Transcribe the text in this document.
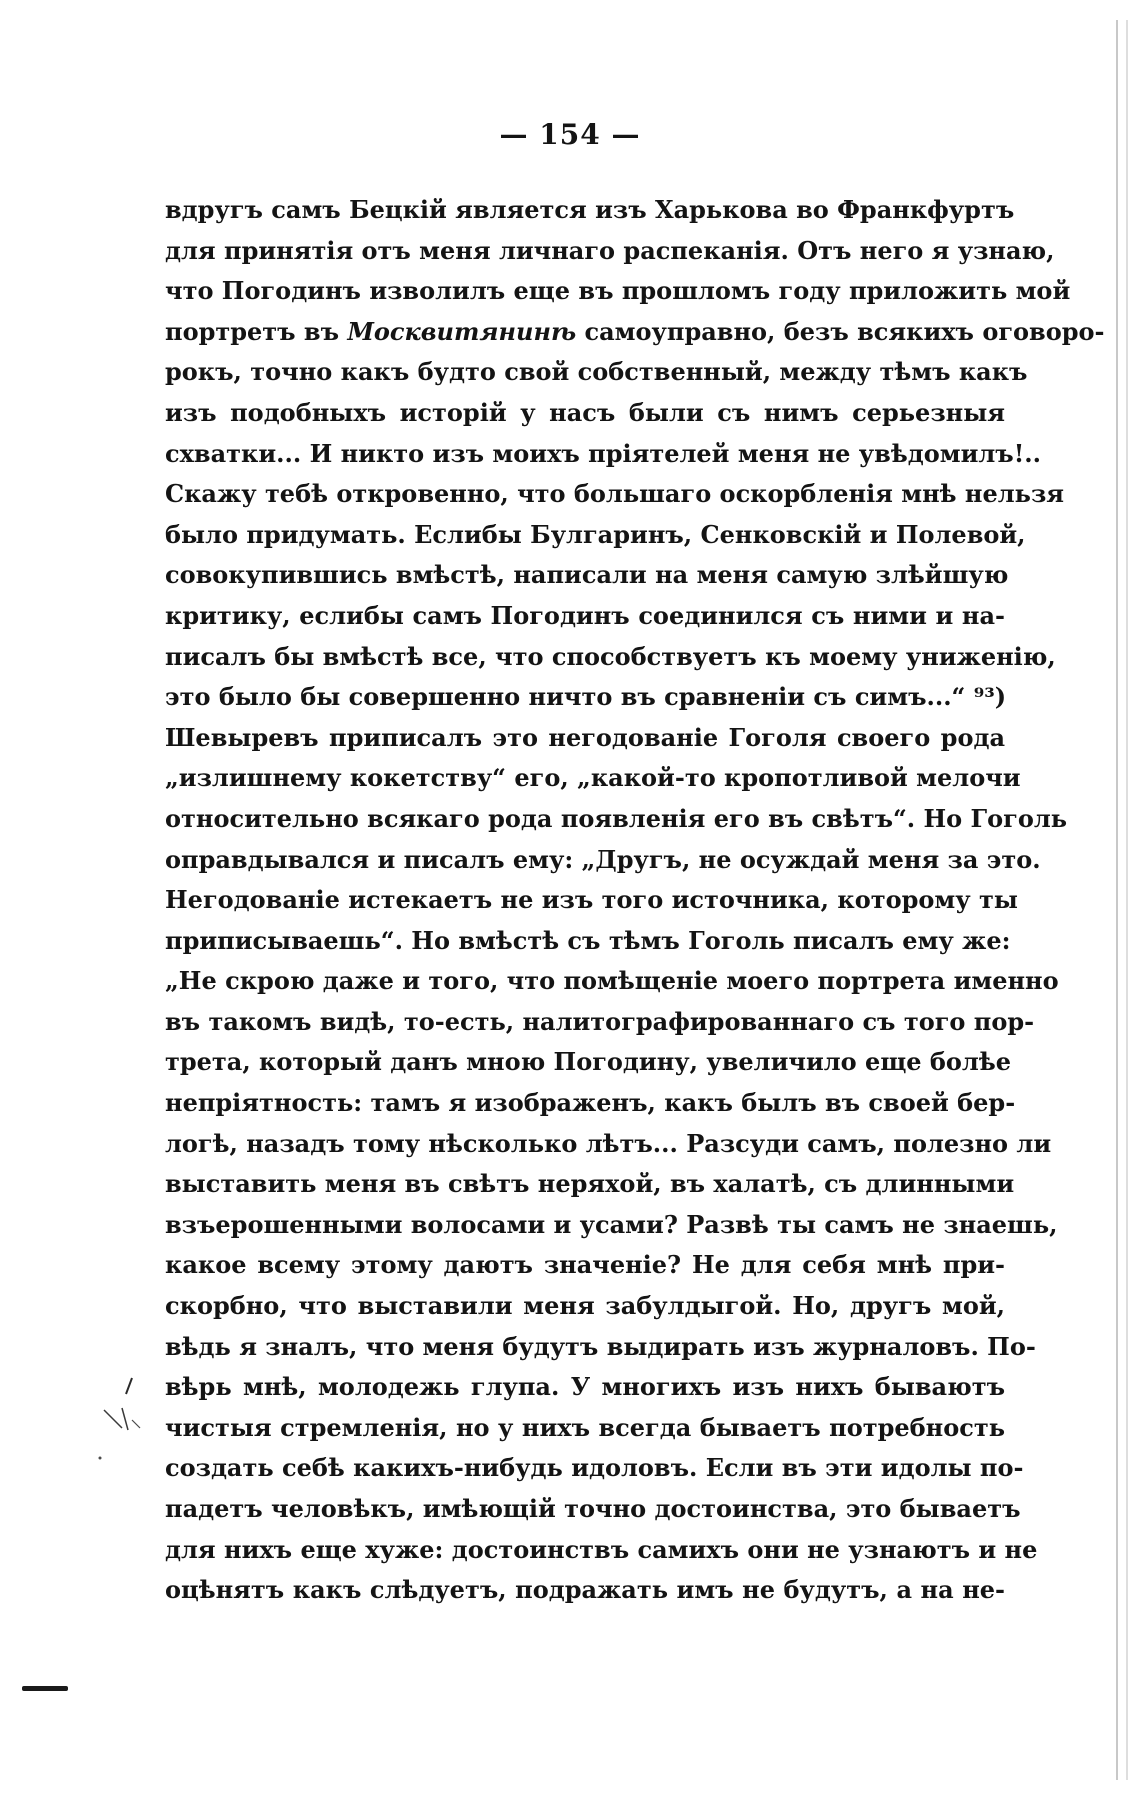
— 154 —
вдругъ самъ Бецкій является изъ Харькова во Франкфуртъ
для принятія отъ меня личнаго распеканія. Отъ него я узнаю,
что Погодинъ изволилъ еще въ прошломъ году приложить мой
портретъ въ Москвитянинѣ самоуправно, безъ всякихъ оговоро-
рокъ, точно какъ будто свой собственный, между тѣмъ какъ
изъ подобныхъ исторій у насъ были съ нимъ серьезныя
схватки... И никто изъ моихъ пріятелей меня не увѣдомилъ!..
Скажу тебѣ откровенно, что большаго оскорбленія мнѣ нельзя
было придумать. Еслибы Булгаринъ, Сенковскій и Полевой,
совокупившись вмѣстѣ, написали на меня самую злѣйшую
критику, еслибы самъ Погодинъ соединился съ ними и на-
писалъ бы вмѣстѣ все, что способствуетъ къ моему униженію,
это было бы совершенно ничто въ сравненіи съ симъ...“ ⁹³)
Шевыревъ приписалъ это негодованіе Гоголя своего рода
„излишнему кокетству“ его, „какой-то кропотливой мелочи
относительно всякаго рода появленія его въ свѣтъ“. Но Гоголь
оправдывался и писалъ ему: „Другъ, не осуждай меня за это.
Негодованіе истекаетъ не изъ того источника, которому ты
приписываешь“. Но вмѣстѣ съ тѣмъ Гоголь писалъ ему же:
„Не скрою даже и того, что помѣщеніе моего портрета именно
въ такомъ видѣ, то-есть, налитографированнаго съ того пор-
трета, который данъ мною Погодину, увеличило еще болѣе
непріятность: тамъ я изображенъ, какъ былъ въ своей бер-
логѣ, назадъ тому нѣсколько лѣтъ... Разсуди самъ, полезно ли
выставить меня въ свѣтъ неряхой, въ халатѣ, съ длинными
взъерошенными волосами и усами? Развѣ ты самъ не знаешь,
какое всему этому даютъ значеніе? Не для себя мнѣ при-
скорбно, что выставили меня забулдыгой. Но, другъ мой,
вѣдь я зналъ, что меня будутъ выдирать изъ журналовъ. По-
вѣрь мнѣ, молодежь глупа. У многихъ изъ нихъ бываютъ
чистыя стремленія, но у нихъ всегда бываетъ потребность
создать себѣ какихъ-нибудь идоловъ. Если въ эти идолы по-
падетъ человѣкъ, имѣющій точно достоинства, это бываетъ
для нихъ еще хуже: достоинствъ самихъ они не узнаютъ и не
оцѣнятъ какъ слѣдуетъ, подражать имъ не будутъ, а на не-
